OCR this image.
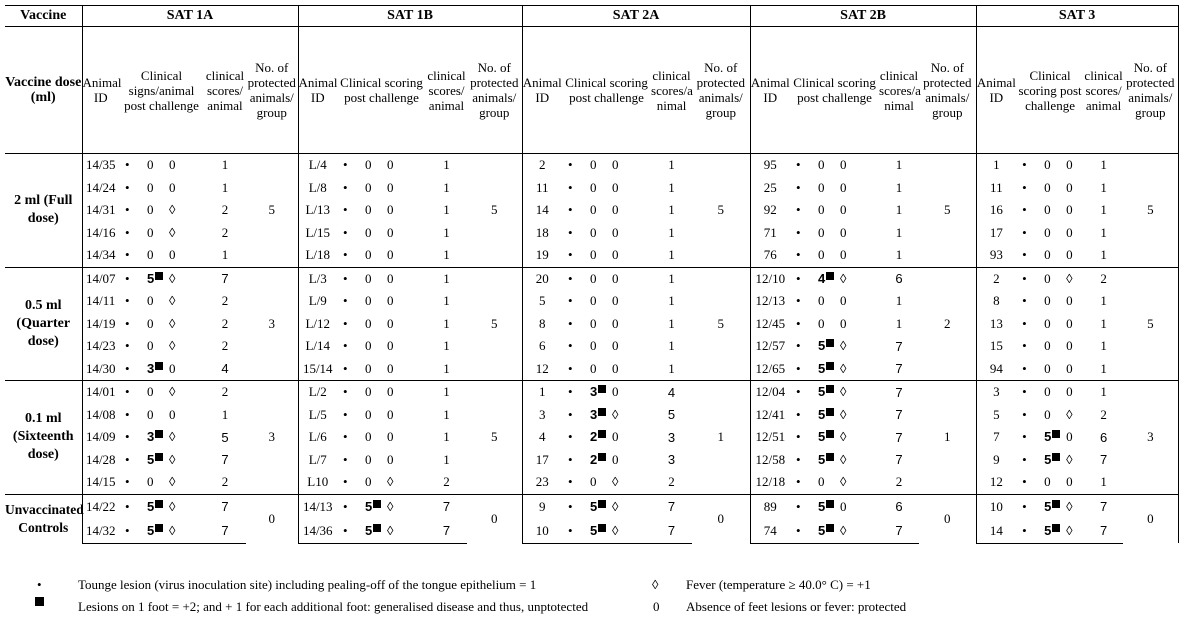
Vaccine	SAT 1A				SAT 1B				SAT 2A				SAT 2B				SAT 3			
Vaccine dose (ml)	Animal ID	Clinical signs/animal post challenge	clinical scores/ animal	No. of protected animals/ group	Animal ID	Clinical scoring post challenge	clinical scores/ animal	No. of protected animals/ group	Animal ID	Clinical scoring post challenge	clinical scores/a nimal	No. of protected animals/ group	Animal ID	Clinical scoring post challenge	clinical scores/a nimal	No. of protected animals/ group	Animal ID	Clinical scoring post challenge	clinical scores/ animal	No. of protected animals/ group
2 ml (Full dose)	14/35	• 0 0	1	5	L/4	• 0 0	1	5	2	• 0 0	1	5	95	• 0 0	1	5	1	• 0 0	1	5
	14/24	• 0 0	1		L/8	• 0 0	1		11	• 0 0	1		25	• 0 0	1		11	• 0 0	1	
	14/31	• 0 ◊	2		L/13	• 0 0	1		14	• 0 0	1		92	• 0 0	1		16	• 0 0	1	
	14/16	• 0 ◊	2		L/15	• 0 0	1		18	• 0 0	1		71	• 0 0	1		17	• 0 0	1	
	14/34	• 0 0	1		L/18	• 0 0	1		19	• 0 0	1		76	• 0 0	1		93	• 0 0	1	
0.5 ml (Quarter dose)	14/07	• 5 ◊	7	3	L/3	• 0 0	1	5	20	• 0 0	1	5	12/10	• 4 ◊	6	2	2	• 0 ◊	2	5
	14/11	• 0 ◊	2		L/9	• 0 0	1		5	• 0 0	1		12/13	• 0 0	1		8	• 0 0	1	
	14/19	• 0 ◊	2		L/12	• 0 0	1		8	• 0 0	1		12/45	• 0 0	1		13	• 0 0	1	
	14/23	• 0 ◊	2		L/14	• 0 0	1		6	• 0 0	1		12/57	• 5 ◊	7		15	• 0 0	1	
	14/30	• 3 0	4		15/14	• 0 0	1		12	• 0 0	1		12/65	• 5 ◊	7		94	• 0 0	1	
0.1 ml (Sixteenth dose)	14/01	• 0 ◊	2	3	L/2	• 0 0	1	5	1	• 3 0	4	1	12/04	• 5 ◊	7	1	3	• 0 0	1	3
	14/08	• 0 0	1		L/5	• 0 0	1		3	• 3 ◊	5		12/41	• 5 ◊	7		5	• 0 ◊	2	
	14/09	• 3 ◊	5		L/6	• 0 0	1		4	• 2 0	3		12/51	• 5 ◊	7		7	• 5 0	6	
	14/28	• 5 ◊	7		L/7	• 0 0	1		17	• 2 0	3		12/58	• 5 ◊	7		9	• 5 ◊	7	
	14/15	• 0 ◊	2		L10	• 0 ◊	2		23	• 0 ◊	2		12/18	• 0 ◊	2		12	• 0 0	1	
Unvaccinated Controls	14/22	• 5 ◊	7	0	14/13	• 5 ◊	7	0	9	• 5 ◊	7	0	89	• 5 0	6	0	10	• 5 ◊	7	0
	14/32	• 5 ◊	7		14/36	• 5 ◊	7		10	• 5 ◊	7		74	• 5 ◊	7		14	• 5 ◊	7	
•	Tounge lesion (virus inoculation site) including pealing-off of the tongue epithelium = 1
Lesions on 1 foot = +2; and + 1 for each additional foot: generalised disease and thus, unptotected
◊ Fever (temperature ≥ 40.0° C) = +1
0 Absence of feet lesions or fever: protected
